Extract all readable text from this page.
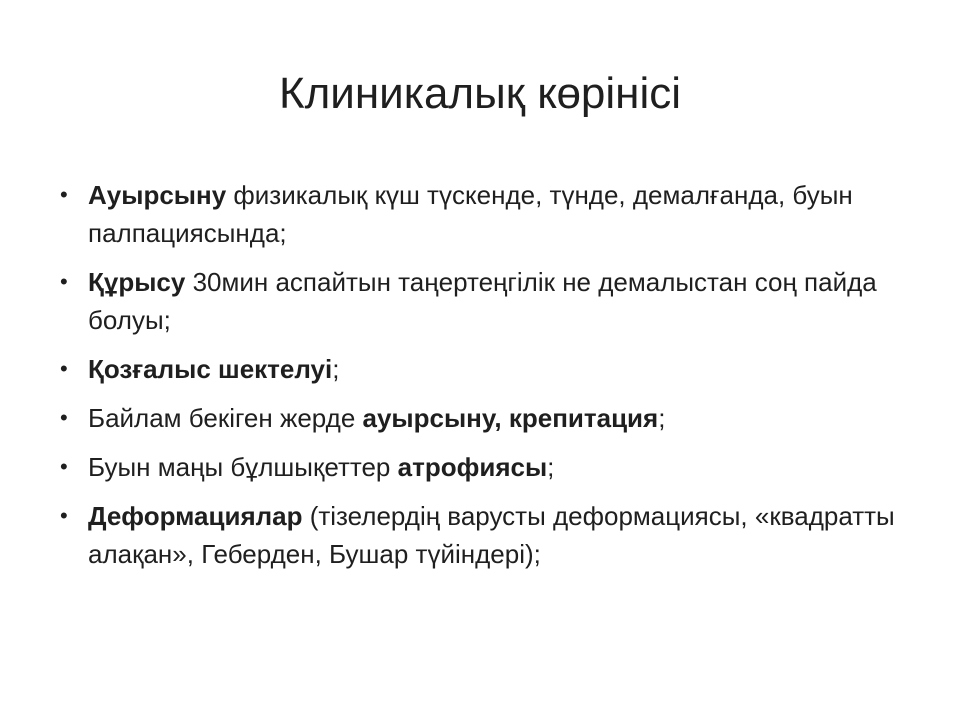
Клиникалық көрінісі
• Ауырсыну физикалық күш түскенде, түнде, демалғанда, буын палпациясында;
• Құрысу 30мин аспайтын таңертеңгілік не демалыстан соң пайда болуы;
• Қозғалыс шектелуі;
• Байлам бекіген жерде ауырсыну, крепитация;
• Буын маңы бұлшықеттер атрофиясы;
• Деформациялар (тізелердің варусты деформациясы, «квадратты алақан», Геберден, Бушар түйіндері);
